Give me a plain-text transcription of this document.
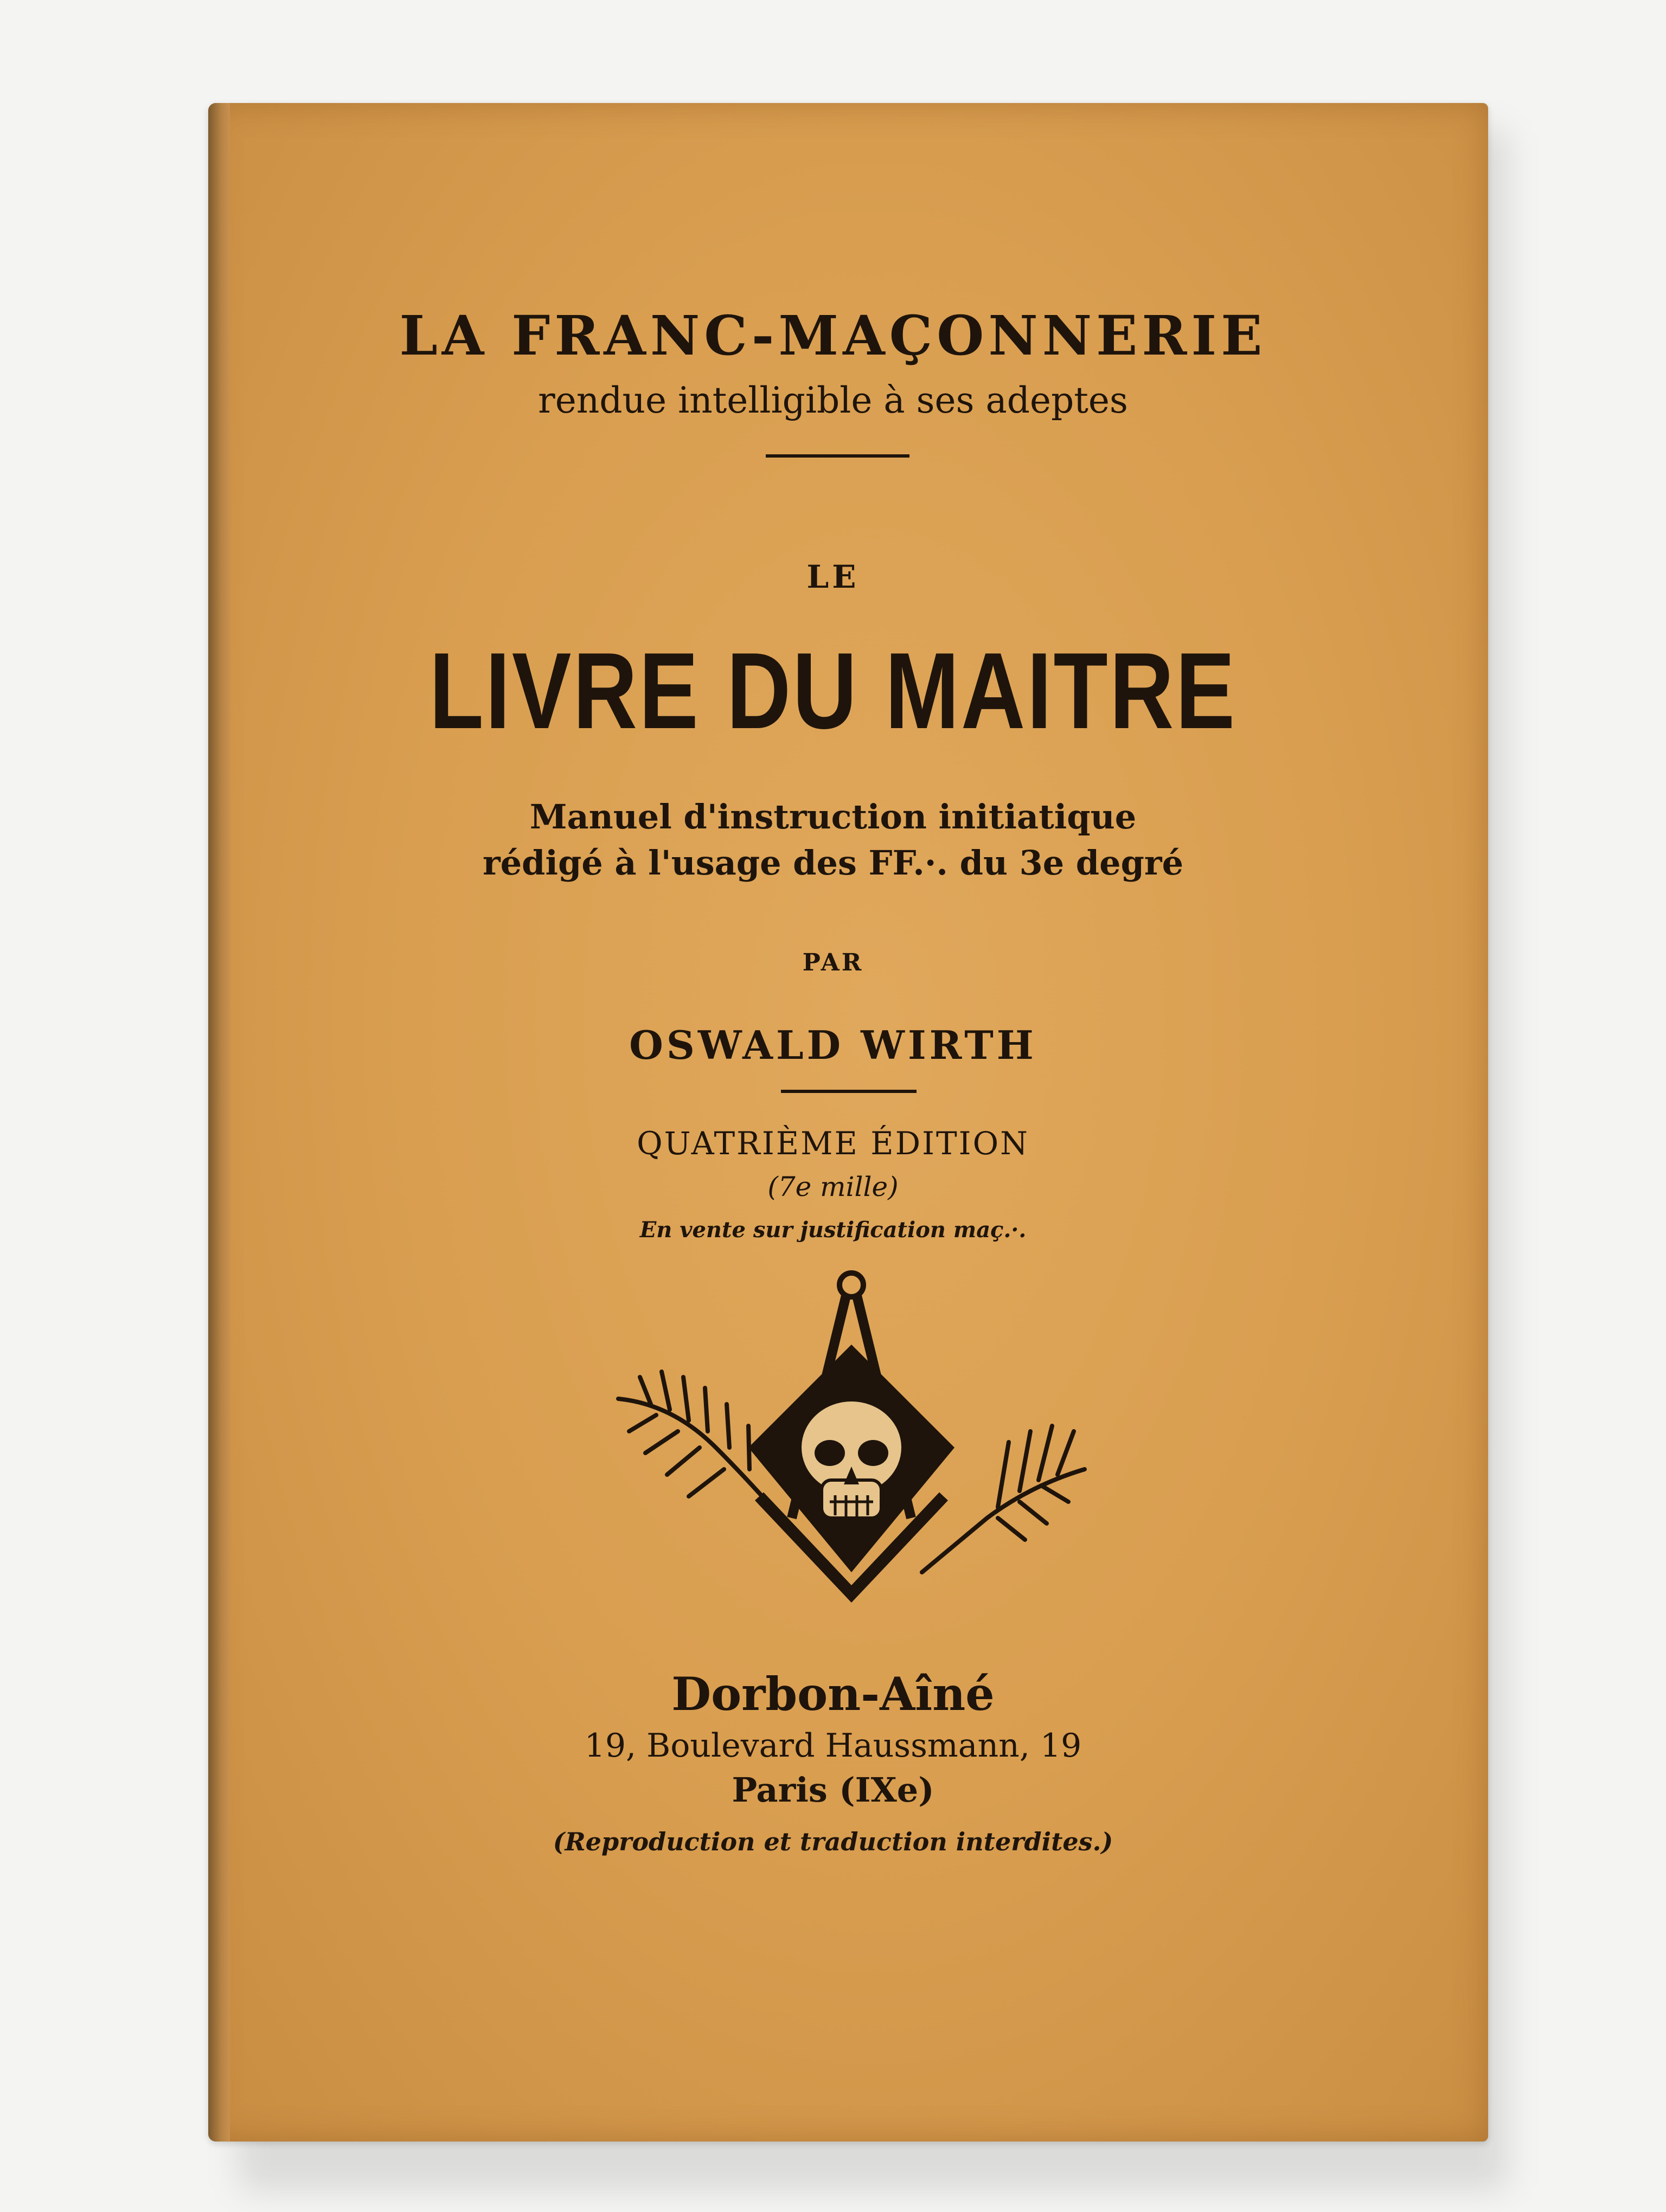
LA FRANC-MAÇONNERIE

rendue intelligible à ses adeptes

LE

LIVRE DU MAITRE

Manuel d'instruction initiatique

rédigé à l'usage des FF.·. du 3e degré

PAR

OSWALD WIRTH

QUATRIÈME ÉDITION

(7e mille)

En vente sur justification maç.·.

Dorbon-Aîné

19, Boulevard Haussmann, 19

Paris (IXe)

(Reproduction et traduction interdites.)
